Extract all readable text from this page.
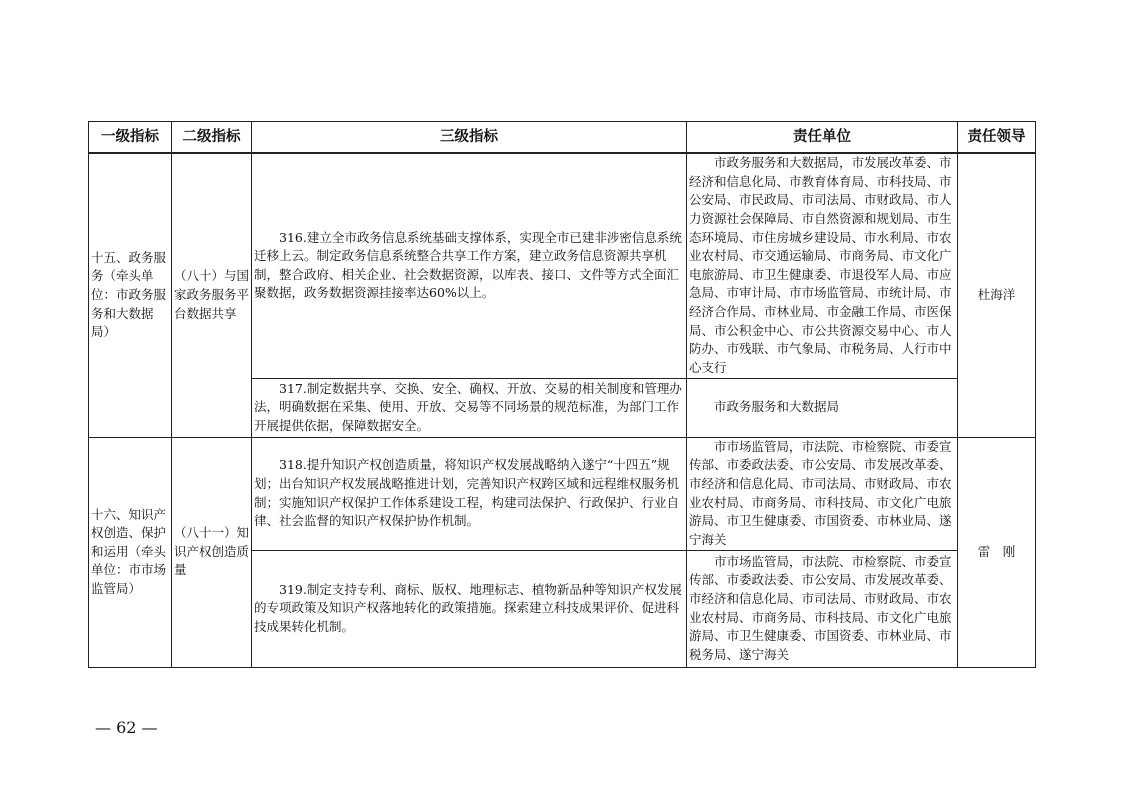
一级指标	二级指标	三级指标	责任单位	责任领导
十五、政务服务（牵头单位：市政务服务和大数据局）	（八十）与国家政务服务平台数据共享	316.建立全市政务信息系统基础支撑体系，实现全市已建非涉密信息系统迁移上云。制定政务信息系统整合共享工作方案，建立政务信息资源共享机制，整合政府、相关企业、社会数据资源，以库表、接口、文件等方式全面汇聚数据，政务数据资源挂接率达60%以上。	市政务服务和大数据局，市发展改革委、市经济和信息化局、市教育体育局、市科技局、市公安局、市民政局、市司法局、市财政局、市人力资源社会保障局、市自然资源和规划局、市生态环境局、市住房城乡建设局、市水利局、市农业农村局、市交通运输局、市商务局、市文化广电旅游局、市卫生健康委、市退役军人局、市应急局、市审计局、市市场监管局、市统计局、市经济合作局、市林业局、市金融工作局、市医保局、市公积金中心、市公共资源交易中心、市人防办、市残联、市气象局、市税务局、人行市中心支行	杜海洋
		317.制定数据共享、交换、安全、确权、开放、交易的相关制度和管理办法，明确数据在采集、使用、开放、交易等不同场景的规范标准，为部门工作开展提供依据，保障数据安全。	市政务服务和大数据局	

十六、知识产权创造、保护和运用（牵头单位：市市场监管局）	（八十一）知识产权创造质量	318.提升知识产权创造质量，将知识产权发展战略纳入遂宁“十四五”规划；出台知识产权发展战略推进计划，完善知识产权跨区域和远程维权服务机制；实施知识产权保护工作体系建设工程，构建司法保护、行政保护、行业自律、社会监督的知识产权保护协作机制。	市市场监管局，市法院、市检察院、市委宣传部、市委政法委、市公安局、市发展改革委、市经济和信息化局、市司法局、市财政局、市农业农村局、市商务局、市科技局、市文化广电旅游局、市卫生健康委、市国资委、市林业局、遂宁海关	雷　刚
		319.制定支持专利、商标、版权、地理标志、植物新品种等知识产权发展的专项政策及知识产权落地转化的政策措施。探索建立科技成果评价、促进科技成果转化机制。	市市场监管局，市法院、市检察院、市委宣传部、市委政法委、市公安局、市发展改革委、市经济和信息化局、市司法局、市财政局、市农业农村局、市商务局、市科技局、市文化广电旅游局、市卫生健康委、市国资委、市林业局、市税务局、遂宁海关	
— 62 —
